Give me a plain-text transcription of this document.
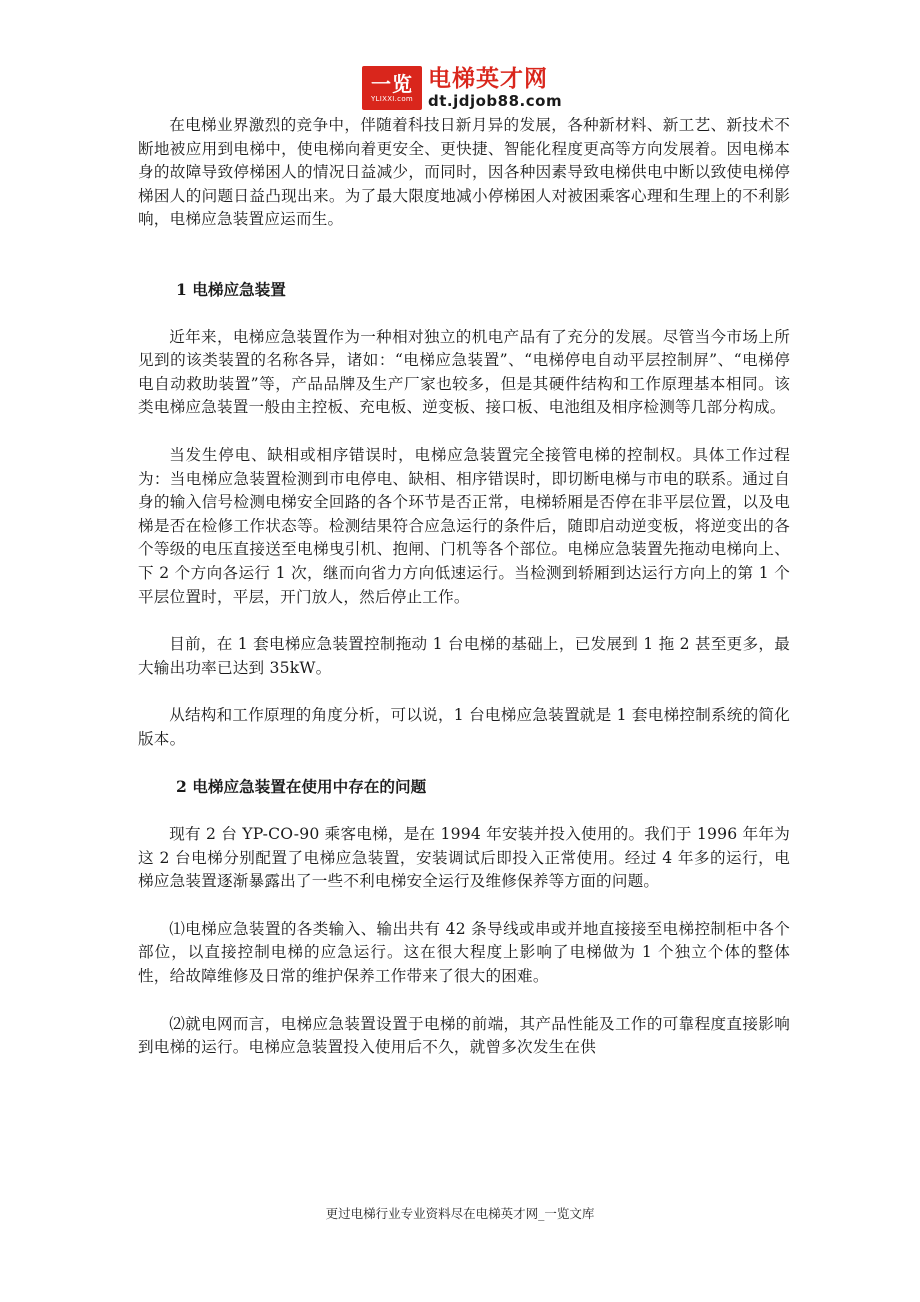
一览
YLIXXI.com
电梯英才网
dt.jdjob88.com

在电梯业界激烈的竞争中，伴随着科技日新月异的发展，各种新材料、新工艺、新技术不断地被应用到电梯中，使电梯向着更安全、更快捷、智能化程度更高等方向发展着。因电梯本身的故障导致停梯困人的情况日益减少，而同时，因各种因素导致电梯供电中断以致使电梯停梯困人的问题日益凸现出来。为了最大限度地减小停梯困人对被困乘客心理和生理上的不利影响，电梯应急装置应运而生。

1 电梯应急装置

近年来，电梯应急装置作为一种相对独立的机电产品有了充分的发展。尽管当今市场上所见到的该类装置的名称各异，诸如：“电梯应急装置”、“电梯停电自动平层控制屏”、“电梯停电自动救助装置”等，产品品牌及生产厂家也较多，但是其硬件结构和工作原理基本相同。该类电梯应急装置一般由主控板、充电板、逆变板、接口板、电池组及相序检测等几部分构成。

当发生停电、缺相或相序错误时，电梯应急装置完全接管电梯的控制权。具体工作过程为：当电梯应急装置检测到市电停电、缺相、相序错误时，即切断电梯与市电的联系。通过自身的输入信号检测电梯安全回路的各个环节是否正常，电梯轿厢是否停在非平层位置，以及电梯是否在检修工作状态等。检测结果符合应急运行的条件后，随即启动逆变板，将逆变出的各个等级的电压直接送至电梯曳引机、抱闸、门机等各个部位。电梯应急装置先拖动电梯向上、下 2 个方向各运行 1 次，继而向省力方向低速运行。当检测到轿厢到达运行方向上的第 1 个平层位置时，平层，开门放人，然后停止工作。

目前，在 1 套电梯应急装置控制拖动 1 台电梯的基础上，已发展到 1 拖 2 甚至更多，最大输出功率已达到 35kW。

从结构和工作原理的角度分析，可以说，1 台电梯应急装置就是 1 套电梯控制系统的简化版本。

2 电梯应急装置在使用中存在的问题

现有 2 台 YP-CO-90 乘客电梯，是在 1994 年安装并投入使用的。我们于 1996 年年为这 2 台电梯分别配置了电梯应急装置，安装调试后即投入正常使用。经过 4 年多的运行，电梯应急装置逐渐暴露出了一些不利电梯安全运行及维修保养等方面的问题。

⑴电梯应急装置的各类输入、输出共有 42 条导线或串或并地直接接至电梯控制柜中各个部位，以直接控制电梯的应急运行。这在很大程度上影响了电梯做为 1 个独立个体的整体性，给故障维修及日常的维护保养工作带来了很大的困难。

⑵就电网而言，电梯应急装置设置于电梯的前端，其产品性能及工作的可靠程度直接影响到电梯的运行。电梯应急装置投入使用后不久，就曾多次发生在供

更过电梯行业专业资料尽在电梯英才网_一览文库
